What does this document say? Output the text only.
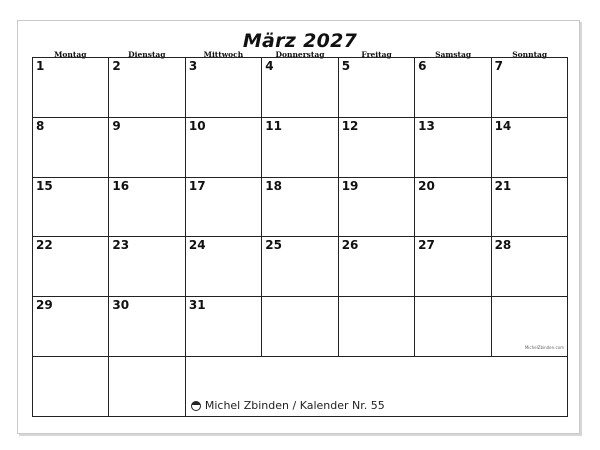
März 2027
Montag	Dienstag	Mittwoch	Donnerstag	Freitag	Samstag	Sonntag
1	2	3	4	5	6	7
8	9	10	11	12	13	14
15	16	17	18	19	20	21
22	23	24	25	26	27	28
29	30	31
MichelZbinden.com
Michel Zbinden / Kalender Nr. 55
